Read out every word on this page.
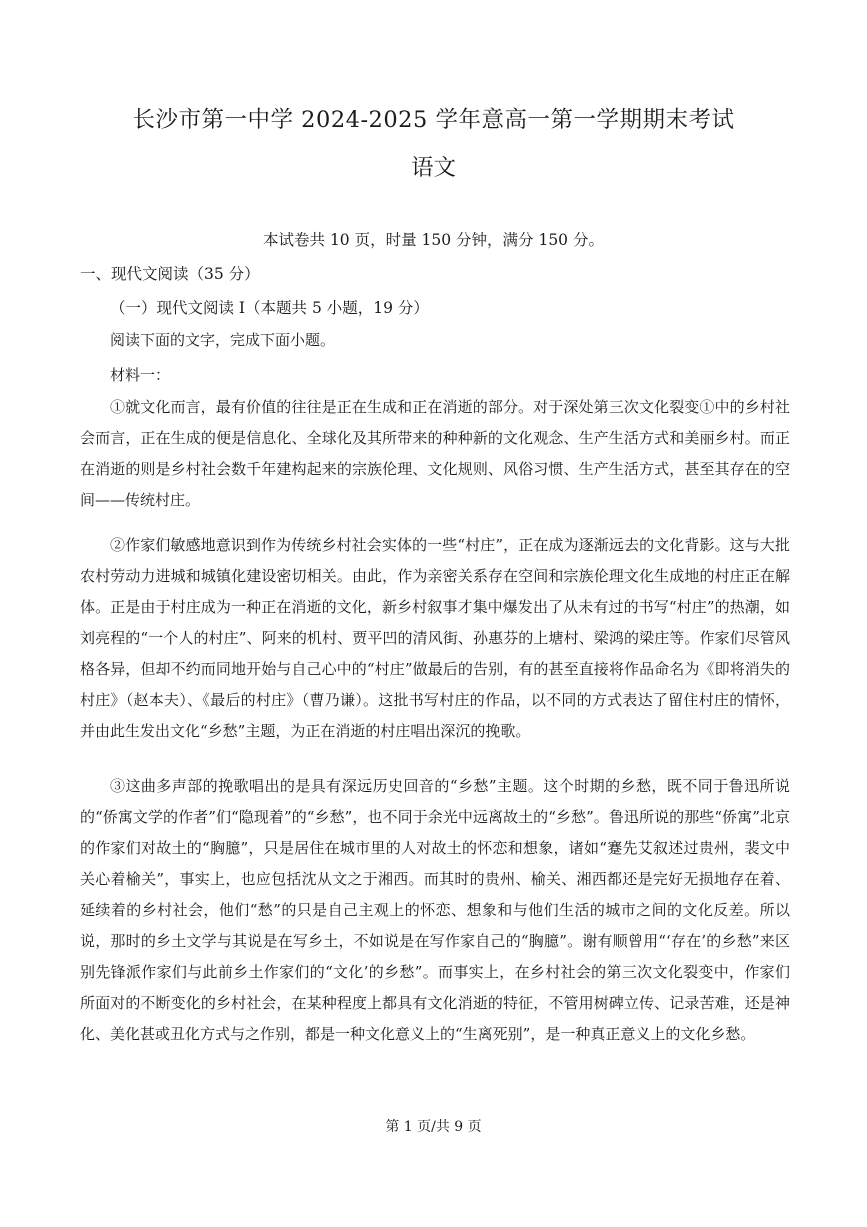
长沙市第一中学 2024-2025 学年意高一第一学期期末考试
语文
本试卷共 10 页，时量 150 分钟，满分 150 分。
一、现代文阅读（35 分）
（一）现代文阅读 I（本题共 5 小题，19 分）
阅读下面的文字，完成下面小题。
材料一：

①就文化而言，最有价值的往往是正在生成和正在消逝的部分。对于深处第三次文化裂变①中的乡村社会而言，正在生成的便是信息化、全球化及其所带来的种种新的文化观念、生产生活方式和美丽乡村。而正在消逝的则是乡村社会数千年建构起来的宗族伦理、文化规则、风俗习惯、生产生活方式，甚至其存在的空间——传统村庄。

②作家们敏感地意识到作为传统乡村社会实体的一些“村庄”，正在成为逐渐远去的文化背影。这与大批农村劳动力进城和城镇化建设密切相关。由此，作为亲密关系存在空间和宗族伦理文化生成地的村庄正在解体。正是由于村庄成为一种正在消逝的文化，新乡村叙事才集中爆发出了从未有过的书写“村庄”的热潮，如刘亮程的“一个人的村庄”、阿来的机村、贾平凹的清风街、孙惠芬的上塘村、梁鸿的梁庄等。作家们尽管风格各异，但却不约而同地开始与自己心中的“村庄”做最后的告别，有的甚至直接将作品命名为《即将消失的村庄》（赵本夫）、《最后的村庄》（曹乃谦）。这批书写村庄的作品，以不同的方式表达了留住村庄的情怀，并由此生发出文化“乡愁”主题，为正在消逝的村庄唱出深沉的挽歌。

③这曲多声部的挽歌唱出的是具有深远历史回音的“乡愁”主题。这个时期的乡愁，既不同于鲁迅所说的“侨寓文学的作者”们“隐现着”的“乡愁”，也不同于余光中远离故土的“乡愁”。鲁迅所说的那些“侨寓”北京的作家们对故土的“胸臆”，只是居住在城市里的人对故土的怀恋和想象，诸如“蹇先艾叙述过贵州，裴文中关心着榆关”，事实上，也应包括沈从文之于湘西。而其时的贵州、榆关、湘西都还是完好无损地存在着、延续着的乡村社会，他们“愁”的只是自己主观上的怀恋、想象和与他们生活的城市之间的文化反差。所以说，那时的乡土文学与其说是在写乡土，不如说是在写作家自己的“胸臆”。谢有顺曾用“‘存在’的乡愁”来区别先锋派作家们与此前乡土作家们的“文化’的乡愁”。而事实上，在乡村社会的第三次文化裂变中，作家们所面对的不断变化的乡村社会，在某种程度上都具有文化消逝的特征，不管用树碑立传、记录苦难，还是神化、美化甚或丑化方式与之作别，都是一种文化意义上的“生离死别”，是一种真正意义上的文化乡愁。

第 1 页/共 9 页
